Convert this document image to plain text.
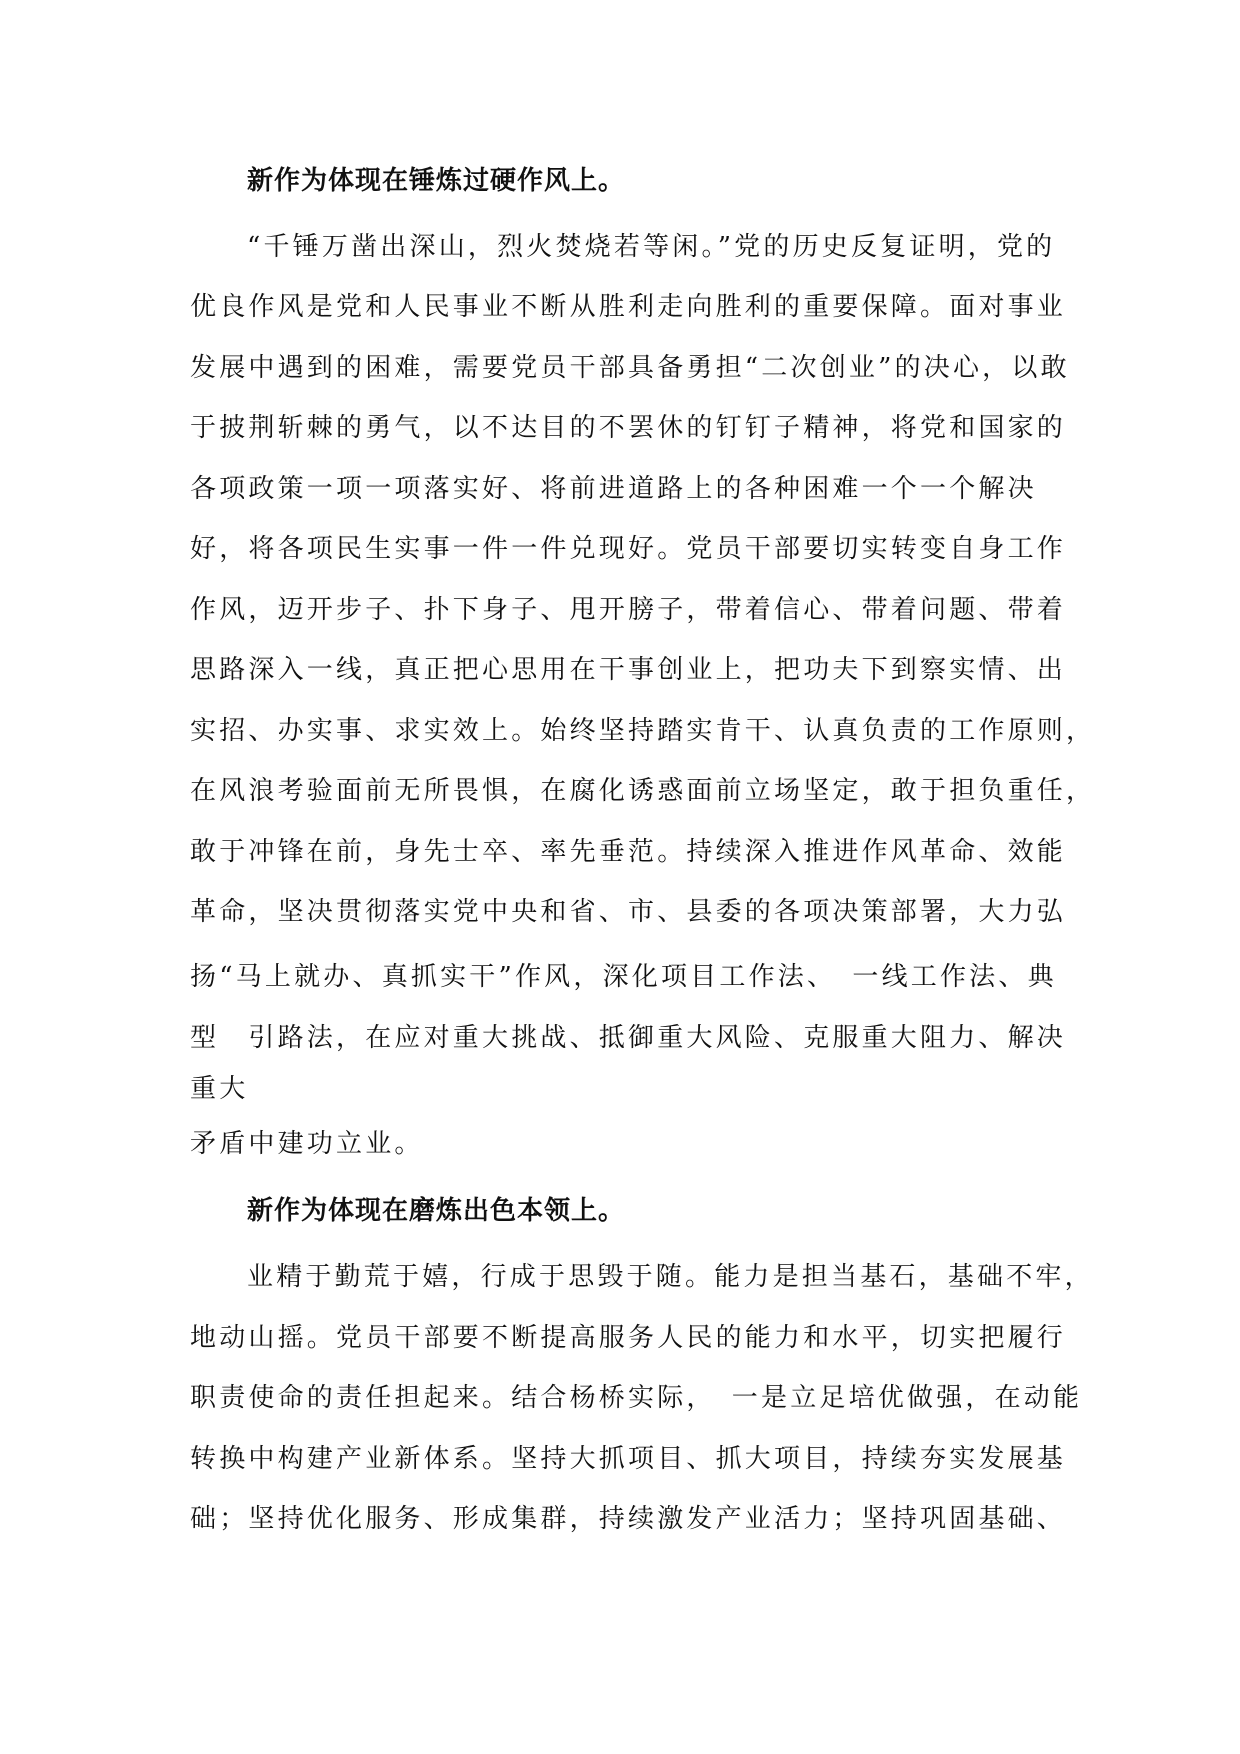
新作为体现在锤炼过硬作风上。
“千锤万凿出深山，烈火焚烧若等闲。”党的历史反复证明，党的
优良作风是党和人民事业不断从胜利走向胜利的重要保障。面对事业
发展中遇到的困难，需要党员干部具备勇担“二次创业”的决心，以敢
于披荆斩棘的勇气，以不达目的不罢休的钉钉子精神，将党和国家的
各项政策一项一项落实好、将前进道路上的各种困难一个一个解决
好，将各项民生实事一件一件兑现好。党员干部要切实转变自身工作
作风，迈开步子、扑下身子、甩开膀子，带着信心、带着问题、带着
思路深入一线，真正把心思用在干事创业上，把功夫下到察实情、出
实招、办实事、求实效上。始终坚持踏实肯干、认真负责的工作原则，
在风浪考验面前无所畏惧，在腐化诱惑面前立场坚定，敢于担负重任，
敢于冲锋在前，身先士卒、率先垂范。持续深入推进作风革命、效能
革命，坚决贯彻落实党中央和省、市、县委的各项决策部署，大力弘
扬“马上就办、真抓实干”作风，深化项目工作法、　一线工作法、典
型　引路法，在应对重大挑战、抵御重大风险、克服重大阻力、解决
重大
矛盾中建功立业。
新作为体现在磨炼出色本领上。
业精于勤荒于嬉，行成于思毁于随。能力是担当基石，基础不牢，
地动山摇。党员干部要不断提高服务人民的能力和水平，切实把履行
职责使命的责任担起来。结合杨桥实际，　一是立足培优做强，在动能
转换中构建产业新体系。坚持大抓项目、抓大项目，持续夯实发展基
础；坚持优化服务、形成集群，持续激发产业活力；坚持巩固基础、
